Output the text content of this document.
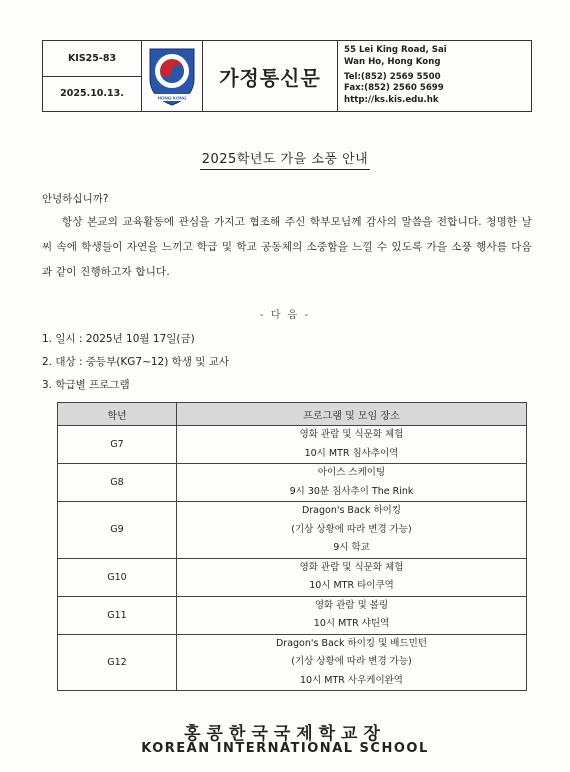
KIS25-83
2025.10.13.	HONG KONG
가정통신문
55 Lei King Road, Sai
Wan Ho, Hong Kong
Tel:(852) 2569 5500
Fax:(852) 2560 5699
http://ks.kis.edu.hk
2025학년도 가을 소풍 안내
안녕하십니까?
항상 본교의 교육활동에 관심을 가지고 협조해 주신 학부모님께 감사의 말씀을 전합니다. 청명한 날씨 속에 학생들이 자연을 느끼고 학급 및 학교 공동체의 소중함을 느낄 수 있도록 가을 소풍 행사를 다음과 같이 진행하고자 합니다.
- 다 음 -
1. 일시 : 2025년 10월 17일(금)
2. 대상 : 중등부(KG7~12) 학생 및 교사
3. 학급별 프로그램
학년	프로그램 및 모임 장소
G7	영화 관람 및 식문화 체험
10시 MTR 침사추이역

G8	아이스 스케이팅
9시 30분 침사추이 The Rink

G9	Dragon's Back 하이킹
(기상 상황에 따라 변경 가능)
9시 학교

G10	영화 관람 및 식문화 체험
10시 MTR 타이쿠역

G11	영화 관람 및 볼링
10시 MTR 샤틴역

G12	Dragon's Back 하이킹 및 배드민턴
(기상 상황에 따라 변경 가능)
10시 MTR 사우케이완역
홍콩한국국제학교장
KOREAN INTERNATIONAL SCHOOL
